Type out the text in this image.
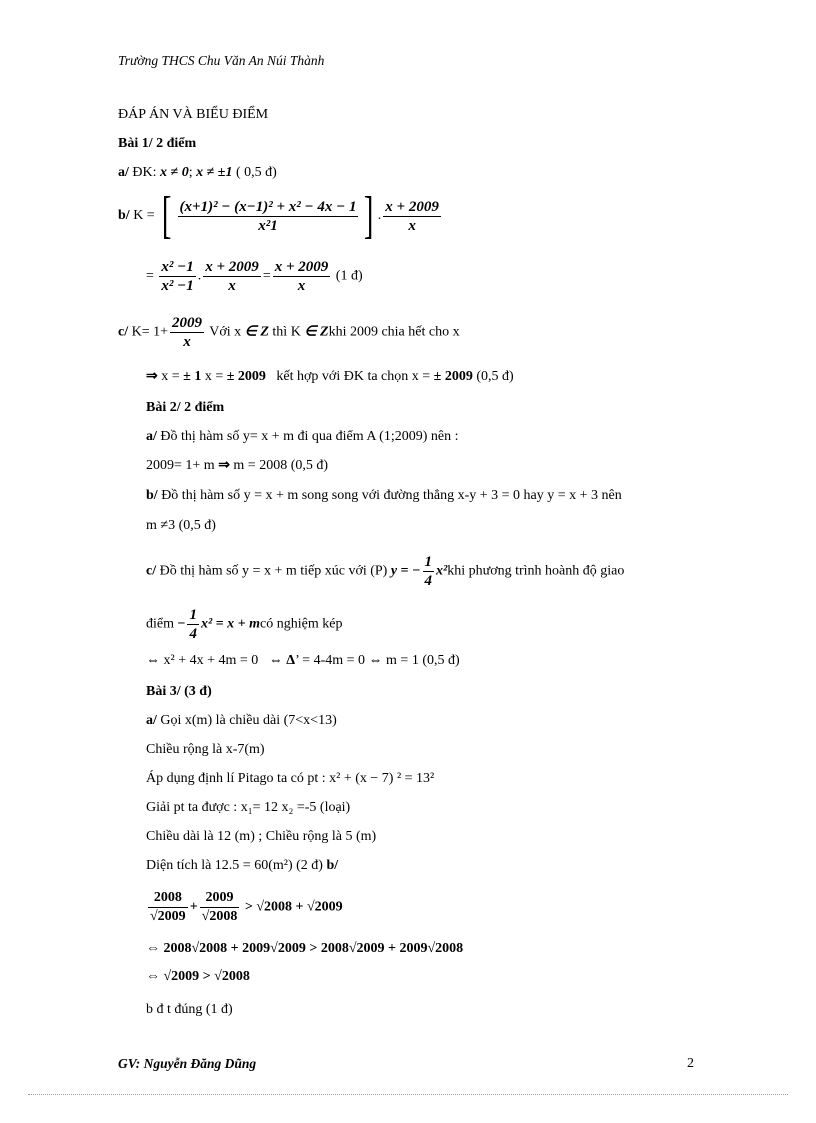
Trường THCS Chu Văn An Núi Thành
ĐÁP ÁN VÀ BIỂU ĐIỂM
Bài 1/ 2 điểm
a/ ĐK: x ≠ 0; x ≠ ±1 ( 0,5 đ)
b/ K = [ $\frac{\text{(x+1)² − (x−1)² + x² − 4x − 1}}{\text{x²1}}$ ] . $\frac{x + 2009}{x}$
= $\frac{\text{x² −1}}{\text{x² −1}}$ . $\frac{x + 2009}{x} = \frac{x + 2009}{x} (1$ đ)
c/ $K= 1+ \frac{2009}{x}$ Với x ∈ Z thì K ∈ Zkhi 2009 chia hết cho x
⇒ x = ± 1 x = ± 2009 kết hợp với ĐK ta chọn x = ± 2009 (0,5 đ)
Bài 2/ 2 điểm
a/ Đồ thị hàm số y= x + m đi qua điểm A (1;2009) nên :
2009= 1+ m ⇒ m = 2008 (0,5 đ)
b/ Đồ thị hàm số y = x + m song song với đường thẳng x-y + 3 = 0 hay y = x + 3 nên
m ≠3 (0,5 đ)
c/ Đồ thị hàm số y = x + m tiếp xúc với (P) y = − $\frac{1}{4} x^2khi$ phương trình hoành độ giao
điểm − $\frac{1}{4} x^2 = x$ + mcó nghiệm kép
⇔ x² + 4x + 4m = 0 ⇔ Δ’ = 4-4m = 0 ⇔ m = 1 (0,5 đ)
Bài 3/ (3 đ)
a/ Gọi x(m) là chiều dài (7<x<13)
Chiều rộng là x-7(m)
Áp dụng định lí Pitago ta có pt : x² + (x − 7) ² = 13²
Giải pt ta được : x₁= 12 x₂ =-5 (loại)
Chiều dài là 12 (m) ; Chiều rộng là 5 (m)
Diện tích là 12.5 = 60(m²) (2 đ) b/
$\frac{2008}{√2009} + \frac{2009}{√2008} > √2008 + √2009$
⇔ 2008√2008 + 2009√2009 > 2008√2009 + 2009√2008
⇔ √2009 > √2008
b đ t đúng (1 đ)
GV: Nguyễn Đăng Dũng	2
